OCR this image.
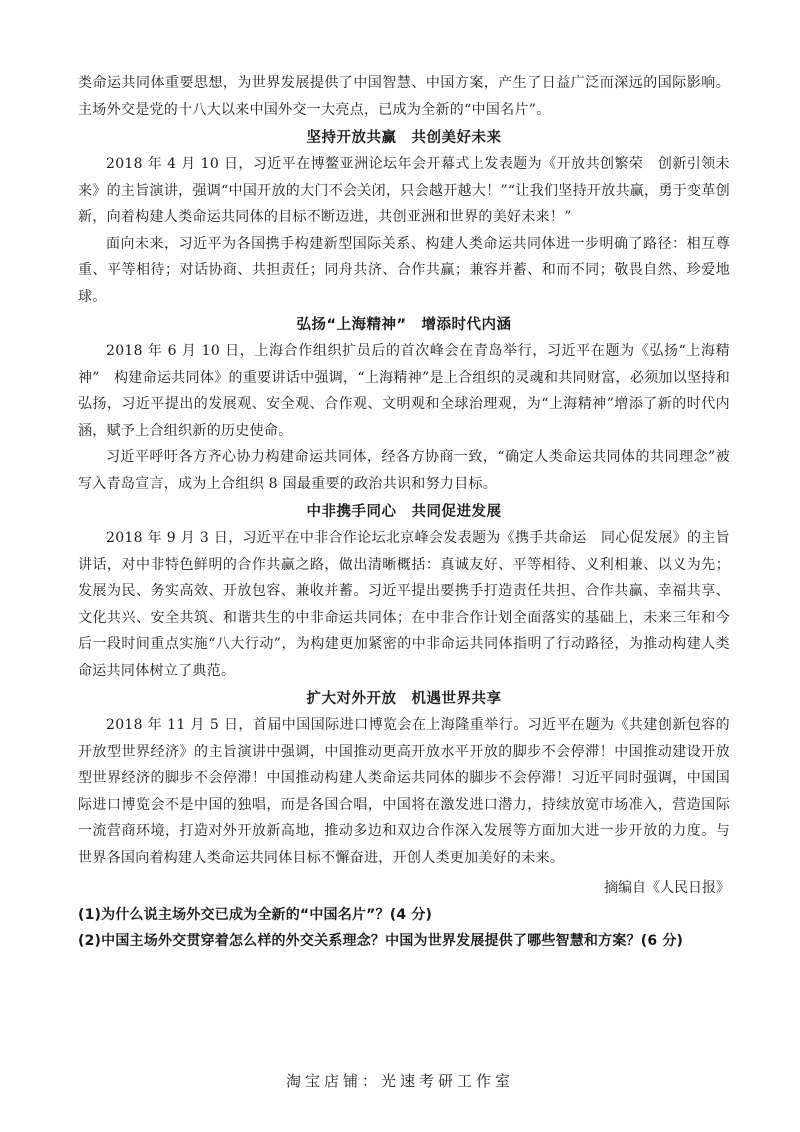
类命运共同体重要思想，为世界发展提供了中国智慧、中国方案，产生了日益广泛而深远的国际影响。主场外交是党的十八大以来中国外交一大亮点，已成为全新的“中国名片”。

坚持开放共赢　共创美好未来

2018 年 4 月 10 日，习近平在博鳌亚洲论坛年会开幕式上发表题为《开放共创繁荣　创新引领未来》的主旨演讲，强调“中国开放的大门不会关闭，只会越开越大！”“让我们坚持开放共赢，勇于变革创新，向着构建人类命运共同体的目标不断迈进，共创亚洲和世界的美好未来！”

面向未来，习近平为各国携手构建新型国际关系、构建人类命运共同体进一步明确了路径：相互尊重、平等相待；对话协商、共担责任；同舟共济、合作共赢；兼容并蓄、和而不同；敬畏自然、珍爱地球。

弘扬“上海精神”　增添时代内涵

2018 年 6 月 10 日，上海合作组织扩员后的首次峰会在青岛举行，习近平在题为《弘扬“上海精神”　构建命运共同体》的重要讲话中强调，“上海精神”是上合组织的灵魂和共同财富，必须加以坚持和弘扬，习近平提出的发展观、安全观、合作观、文明观和全球治理观，为“上海精神”增添了新的时代内涵，赋予上合组织新的历史使命。

习近平呼吁各方齐心协力构建命运共同体，经各方协商一致，“确定人类命运共同体的共同理念”被写入青岛宣言，成为上合组织 8 国最重要的政治共识和努力目标。

中非携手同心　共同促进发展

2018 年 9 月 3 日，习近平在中非合作论坛北京峰会发表题为《携手共命运　同心促发展》的主旨讲话，对中非特色鲜明的合作共赢之路，做出清晰概括：真诚友好、平等相待、义利相兼、以义为先；发展为民、务实高效、开放包容、兼收并蓄。习近平提出要携手打造责任共担、合作共赢、幸福共享、文化共兴、安全共筑、和谐共生的中非命运共同体；在中非合作计划全面落实的基础上，未来三年和今后一段时间重点实施“八大行动”，为构建更加紧密的中非命运共同体指明了行动路径，为推动构建人类命运共同体树立了典范。

扩大对外开放　机遇世界共享

2018 年 11 月 5 日，首届中国国际进口博览会在上海隆重举行。习近平在题为《共建创新包容的开放型世界经济》的主旨演讲中强调，中国推动更高开放水平开放的脚步不会停滞！中国推动建设开放型世界经济的脚步不会停滞！中国推动构建人类命运共同体的脚步不会停滞！习近平同时强调，中国国际进口博览会不是中国的独唱，而是各国合唱，中国将在激发进口潜力，持续放宽市场准入，营造国际一流营商环境，打造对外开放新高地，推动多边和双边合作深入发展等方面加大进一步开放的力度。与世界各国向着构建人类命运共同体目标不懈奋进，开创人类更加美好的未来。

摘编自《人民日报》

(1)为什么说主场外交已成为全新的“中国名片”？(4 分)

(2)中国主场外交贯穿着怎么样的外交关系理念？中国为世界发展提供了哪些智慧和方案？(6 分)

淘宝店铺：光速考研工作室
